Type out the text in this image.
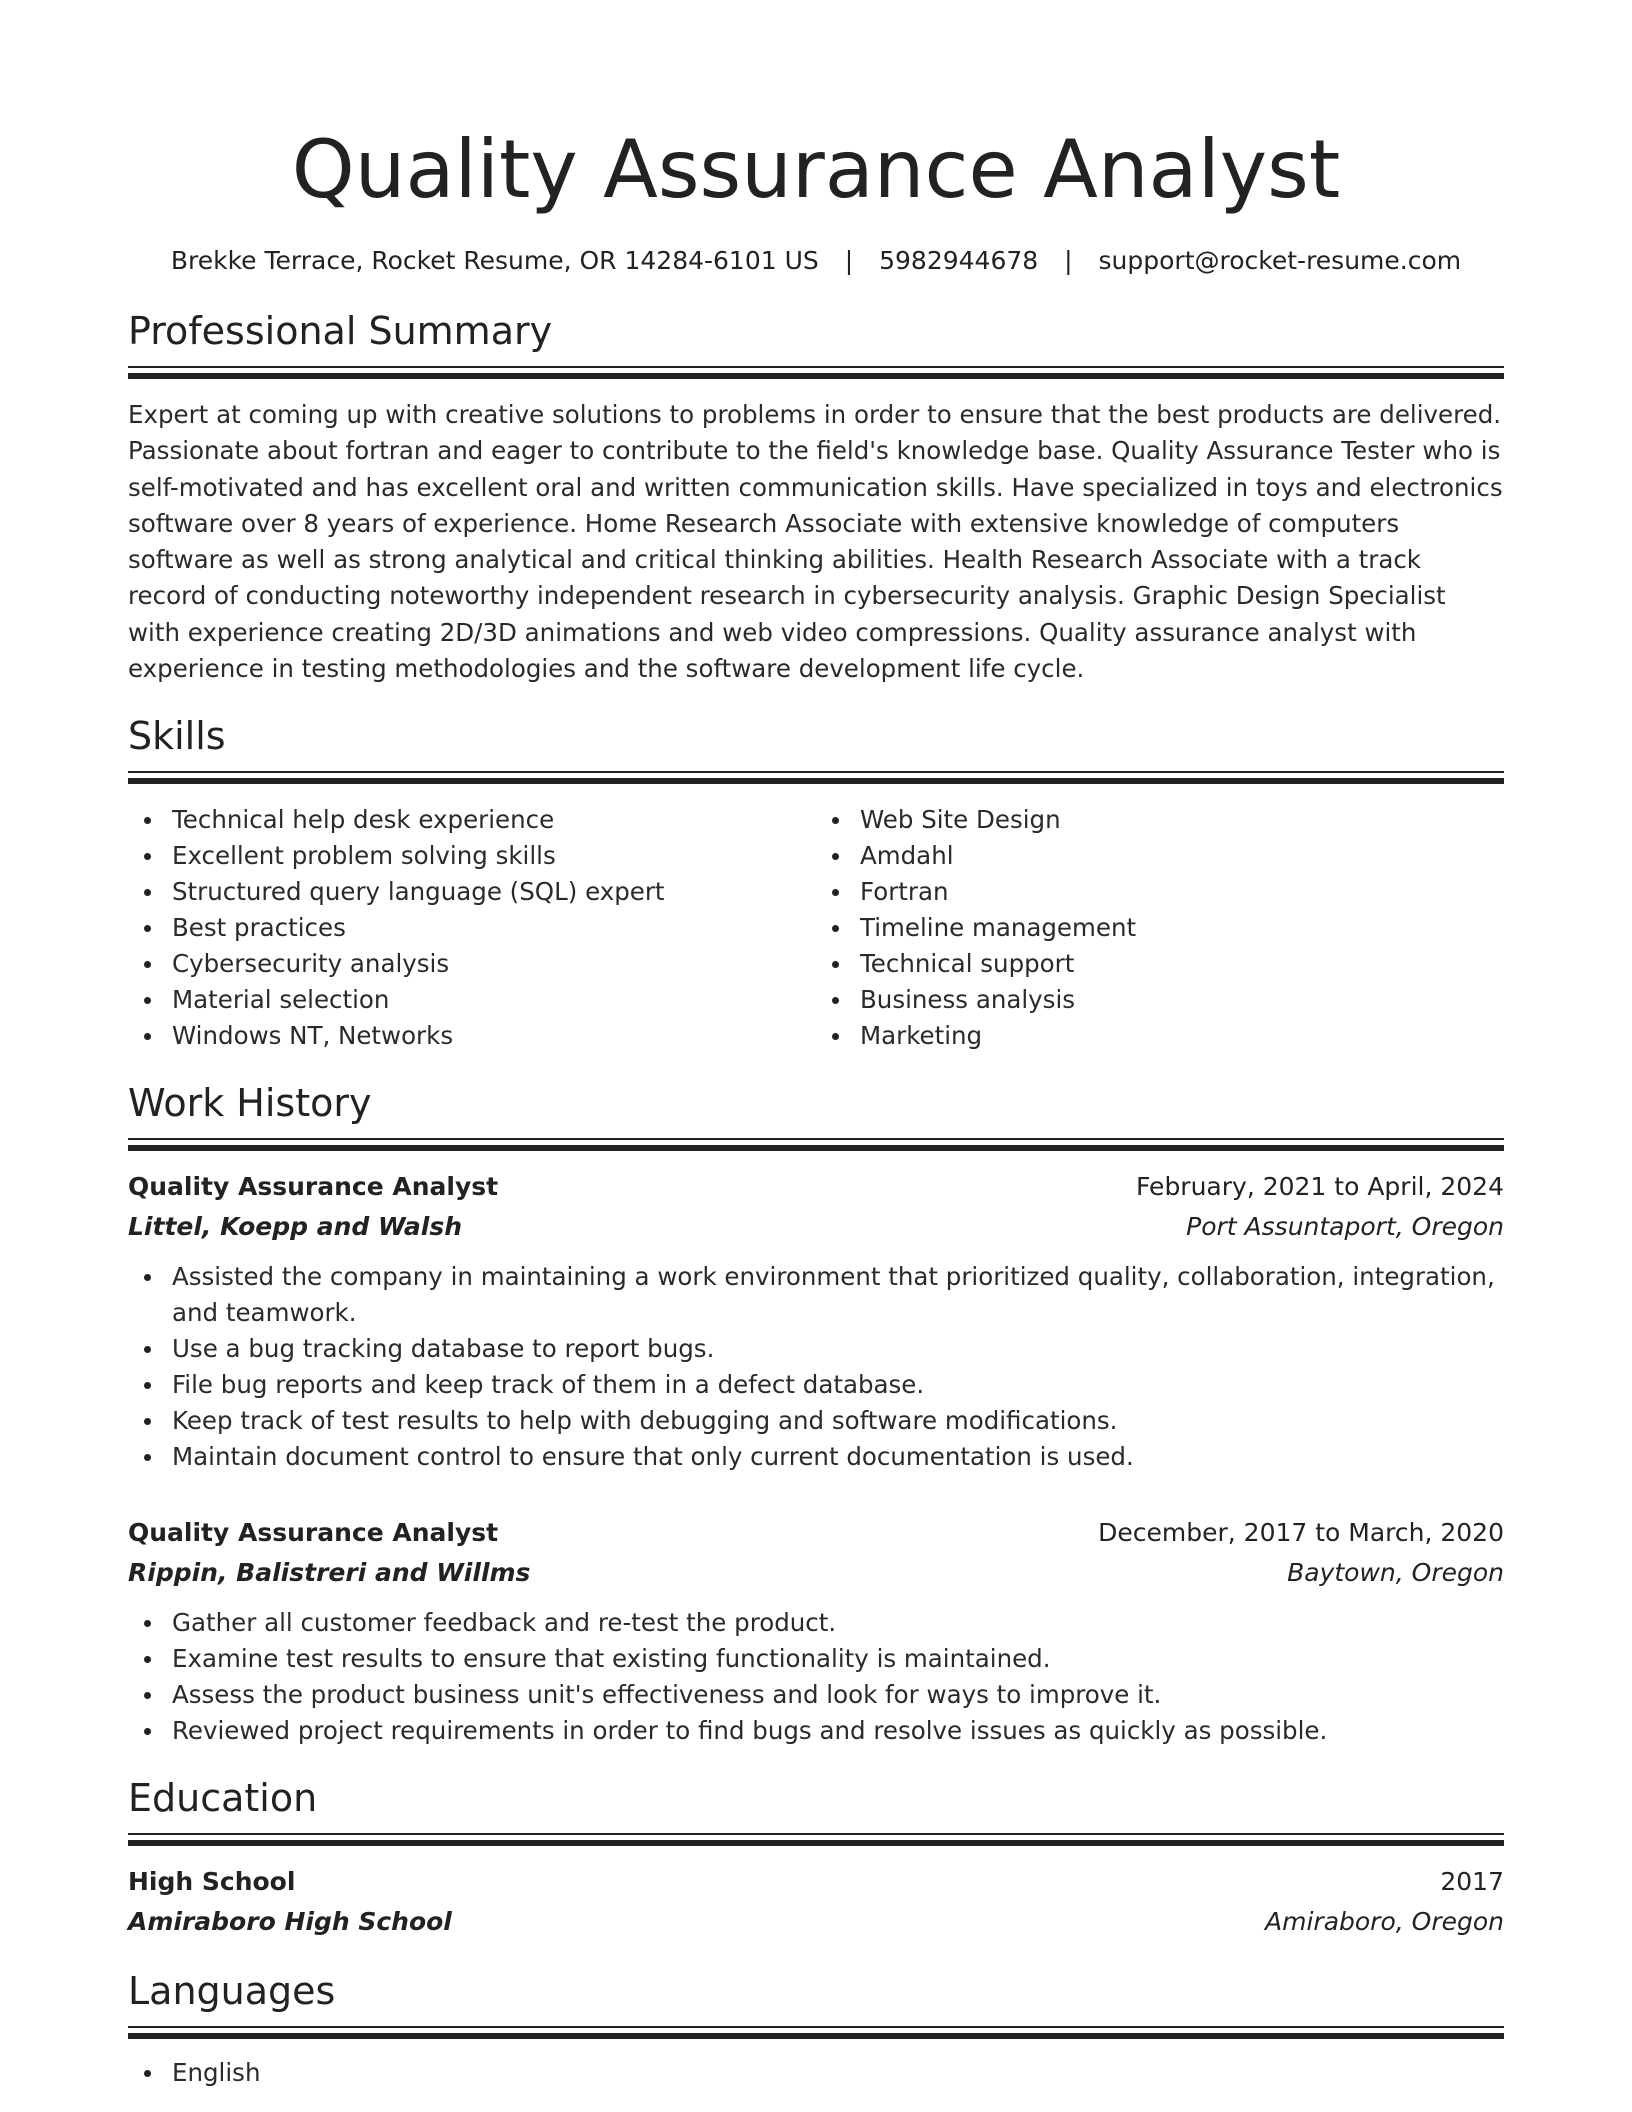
Quality Assurance Analyst
Brekke Terrace, Rocket Resume, OR 14284-6101 US | 5982944678 | support@rocket-resume.com
Professional Summary
Expert at coming up with creative solutions to problems in order to ensure that the best products are delivered. Passionate about fortran and eager to contribute to the field's knowledge base. Quality Assurance Tester who is self-motivated and has excellent oral and written communication skills. Have specialized in toys and electronics software over 8 years of experience. Home Research Associate with extensive knowledge of computers software as well as strong analytical and critical thinking abilities. Health Research Associate with a track record of conducting noteworthy independent research in cybersecurity analysis. Graphic Design Specialist with experience creating 2D/3D animations and web video compressions. Quality assurance analyst with experience in testing methodologies and the software development life cycle.
Skills
Technical help desk experience
Excellent problem solving skills
Structured query language (SQL) expert
Best practices
Cybersecurity analysis
Material selection
Windows NT, Networks
Web Site Design
Amdahl
Fortran
Timeline management
Technical support
Business analysis
Marketing
Work History
Quality Assurance Analyst	February, 2021 to April, 2024
Littel, Koepp and Walsh	Port Assuntaport, Oregon
Assisted the company in maintaining a work environment that prioritized quality, collaboration, integration, and teamwork.
Use a bug tracking database to report bugs.
File bug reports and keep track of them in a defect database.
Keep track of test results to help with debugging and software modifications.
Maintain document control to ensure that only current documentation is used.
Quality Assurance Analyst	December, 2017 to March, 2020
Rippin, Balistreri and Willms	Baytown, Oregon
Gather all customer feedback and re-test the product.
Examine test results to ensure that existing functionality is maintained.
Assess the product business unit's effectiveness and look for ways to improve it.
Reviewed project requirements in order to find bugs and resolve issues as quickly as possible.
Education
High School	2017
Amiraboro High School	Amiraboro, Oregon
Languages
English
